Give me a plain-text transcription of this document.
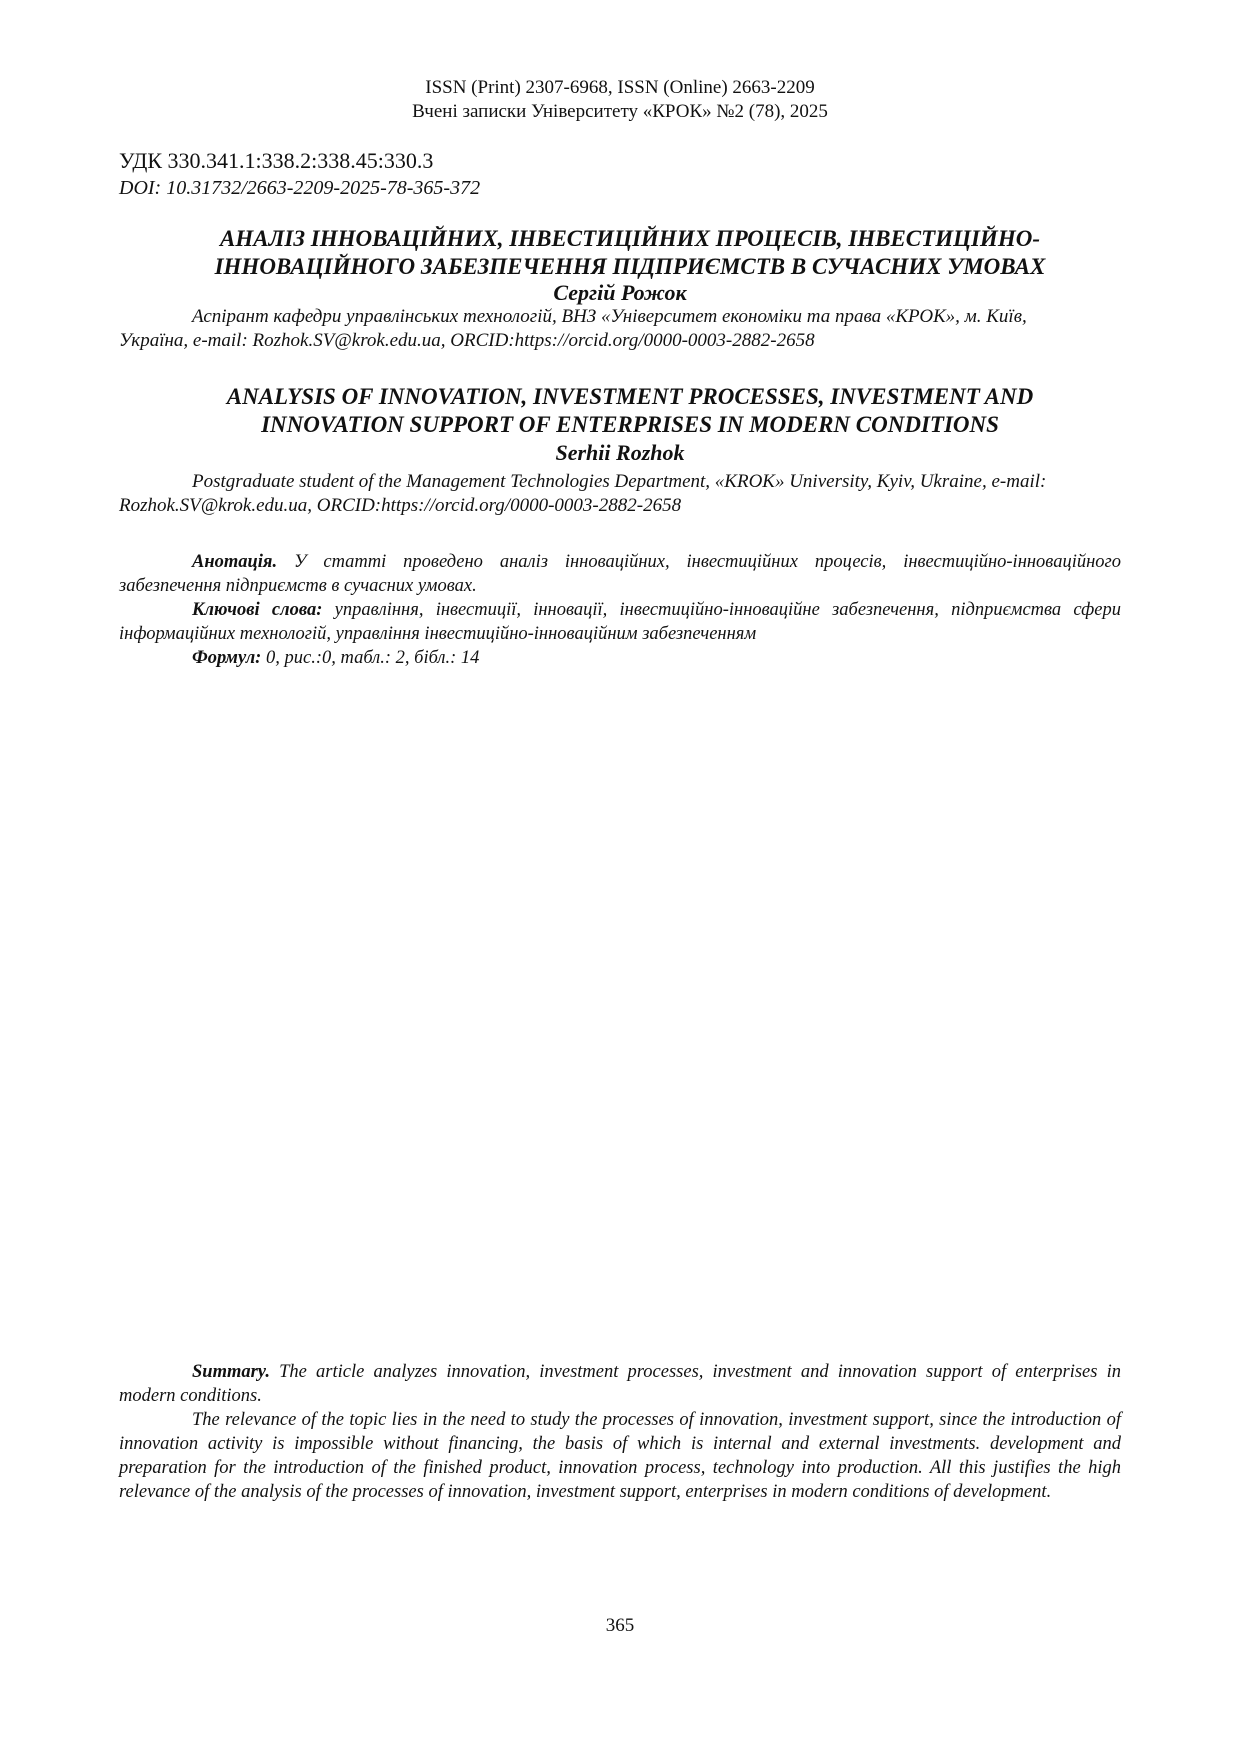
ISSN (Print) 2307-6968, ISSN (Online) 2663-2209
Вчені записки Університету «КРОК» №2 (78), 2025
УДК 330.341.1:338.2:338.45:330.3
DOI: 10.31732/2663-2209-2025-78-365-372
АНАЛІЗ ІННОВАЦІЙНИХ, ІНВЕСТИЦІЙНИХ ПРОЦЕСІВ, ІНВЕСТИЦІЙНО-
ІННОВАЦІЙНОГО ЗАБЕЗПЕЧЕННЯ ПІДПРИЄМСТВ В СУЧАСНИХ УМОВАХ
Сергій Рожок
Аспірант кафедри управлінських технологій, ВНЗ «Університет економіки та права «КРОК», м. Київ,
Україна, e-mail: Rozhok.SV@krok.edu.ua, ORCID:https://orcid.org/0000-0003-2882-2658
ANALYSIS OF INNOVATION, INVESTMENT PROCESSES, INVESTMENT AND
INNOVATION SUPPORT OF ENTERPRISES IN MODERN CONDITIONS
Serhii Rozhok
Postgraduate student of the Management Technologies Department, «KROK» University, Kyiv, Ukraine, e-mail:
Rozhok.SV@krok.edu.ua, ORCID:https://orcid.org/0000-0003-2882-2658

Анотація. У статті проведено аналіз інноваційних, інвестиційних процесів, інвестиційно-інноваційного забезпечення підприємств в сучасних умовах.

Ключові слова: управління, інвестиції, інновації, інвестиційно-інноваційне забезпечення, підприємства сфери інформаційних технологій, управління інвестиційно-інноваційним забезпеченням

Формул: 0, рис.:0, табл.: 2, бібл.: 14

Summary. The article analyzes innovation, investment processes, investment and innovation support of enterprises in modern conditions.

The relevance of the topic lies in the need to study the processes of innovation, investment support, since the introduction of innovation activity is impossible without financing, the basis of which is internal and external investments. development and preparation for the introduction of the finished product, innovation process, technology into production. All this justifies the high relevance of the analysis of the processes of innovation, investment support, enterprises in modern conditions of development.

365
